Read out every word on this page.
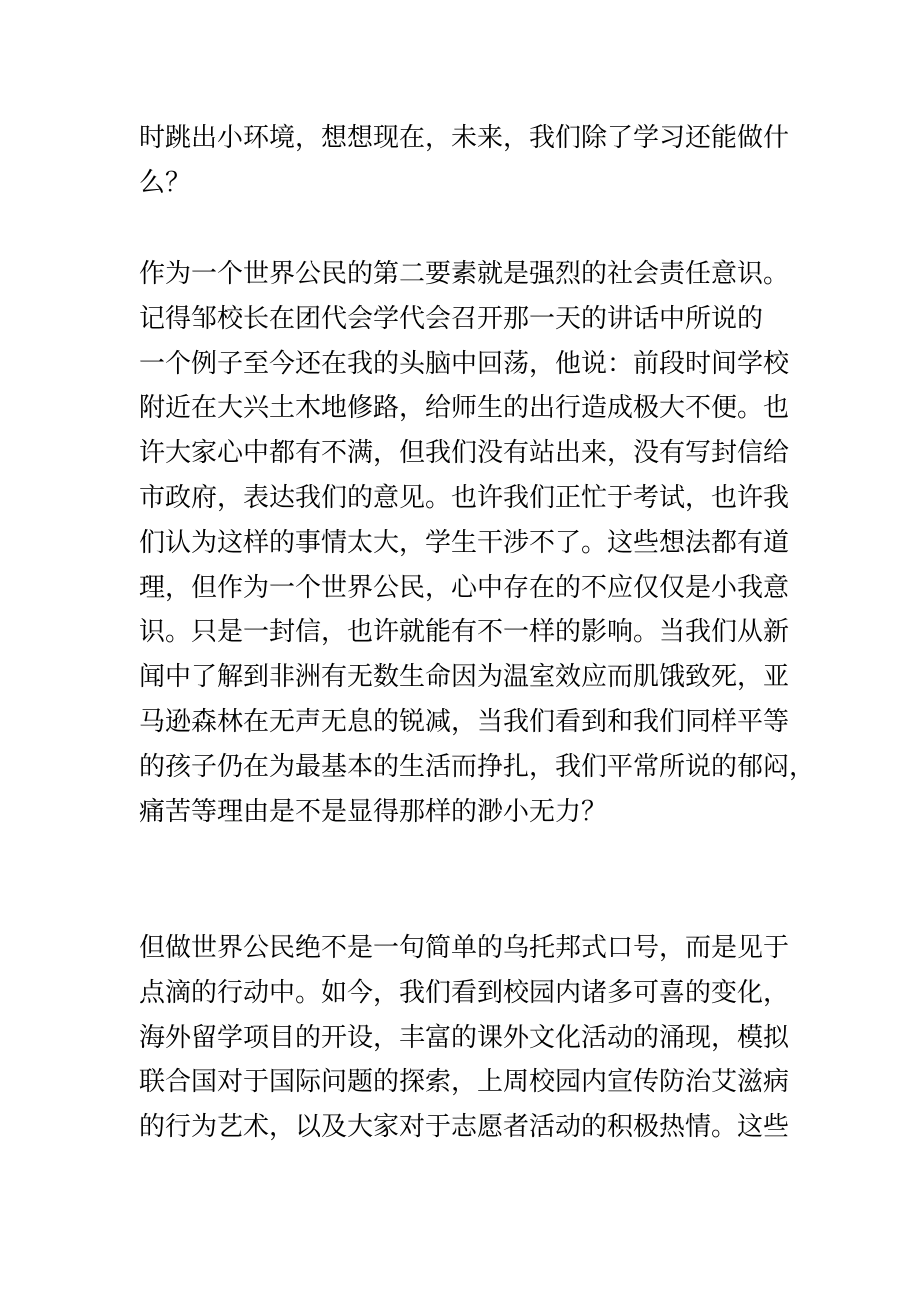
时跳出小环境，想想现在，未来，我们除了学习还能做什
么？

作为一个世界公民的第二要素就是强烈的社会责任意识。
记得邹校长在团代会学代会召开那一天的讲话中所说的
一个例子至今还在我的头脑中回荡，他说：前段时间学校
附近在大兴土木地修路，给师生的出行造成极大不便。也
许大家心中都有不满，但我们没有站出来，没有写封信给
市政府，表达我们的意见。也许我们正忙于考试，也许我
们认为这样的事情太大，学生干涉不了。这些想法都有道
理，但作为一个世界公民，心中存在的不应仅仅是小我意
识。只是一封信，也许就能有不一样的影响。当我们从新
闻中了解到非洲有无数生命因为温室效应而肌饿致死，亚
马逊森林在无声无息的锐减，当我们看到和我们同样平等
的孩子仍在为最基本的生活而挣扎，我们平常所说的郁闷，
痛苦等理由是不是显得那样的渺小无力？

但做世界公民绝不是一句简单的乌托邦式口号，而是见于
点滴的行动中。如今，我们看到校园内诸多可喜的变化，
海外留学项目的开设，丰富的课外文化活动的涌现，模拟
联合国对于国际问题的探索，上周校园内宣传防治艾滋病
的行为艺术，以及大家对于志愿者活动的积极热情。这些
